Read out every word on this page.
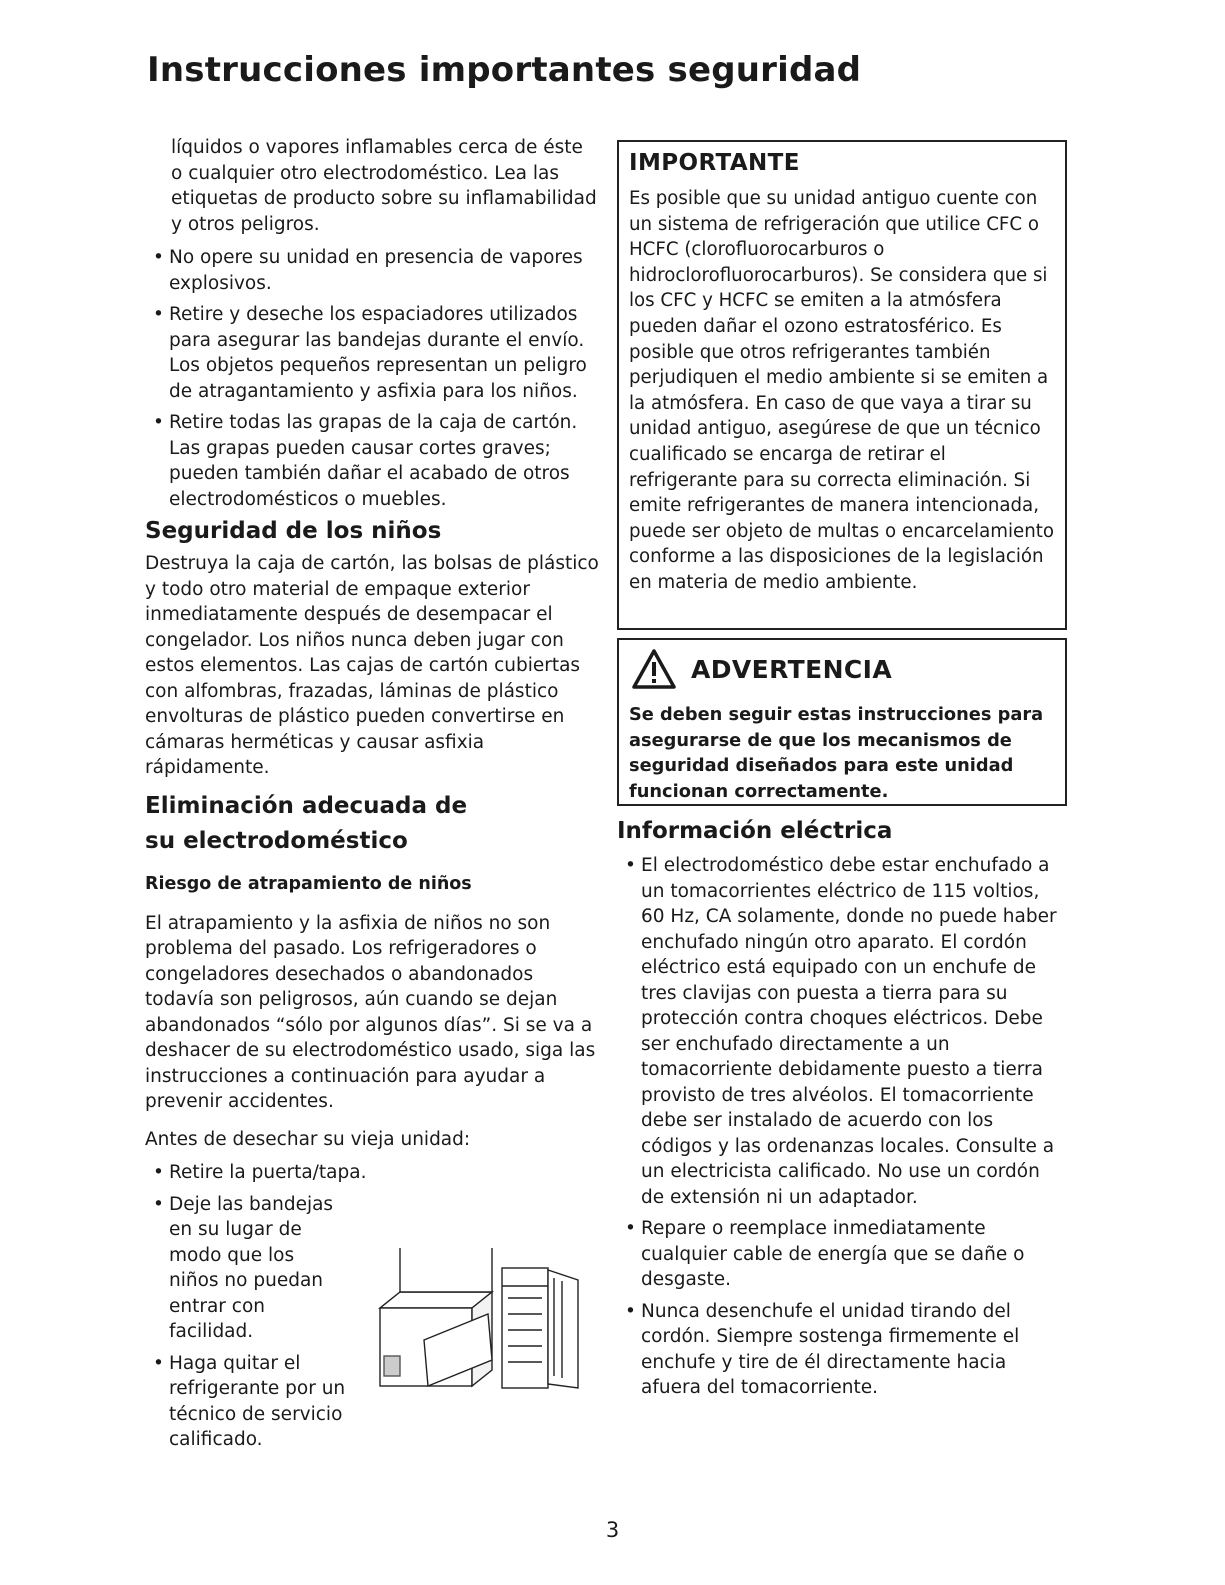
Instrucciones importantes seguridad

líquidos o vapores inflamables cerca de éste o cualquier otro electrodoméstico. Lea las etiquetas de producto sobre su inflamabilidad y otros peligros.

• No opere su unidad en presencia de vapores explosivos.
• Retire y deseche los espaciadores utilizados para asegurar las bandejas durante el envío. Los objetos pequeños representan un peligro de atragantamiento y asfixia para los niños.
• Retire todas las grapas de la caja de cartón. Las grapas pueden causar cortes graves; pueden también dañar el acabado de otros electrodomésticos o muebles.
Seguridad de los niños

Destruya la caja de cartón, las bolsas de plástico y todo otro material de empaque exterior inmediatamente después de desempacar el congelador. Los niños nunca deben jugar con estos elementos. Las cajas de cartón cubiertas con alfombras, frazadas, láminas de plástico envolturas de plástico pueden convertirse en cámaras herméticas y causar asfixia rápidamente.

Eliminación adecuada de
su electrodoméstico
Riesgo de atrapamiento de niños

El atrapamiento y la asfixia de niños no son problema del pasado. Los refrigeradores o congeladores desechados o abandonados todavía son peligrosos, aún cuando se dejan abandonados “sólo por algunos días”. Si se va a deshacer de su electrodoméstico usado, siga las instrucciones a continuación para ayudar a prevenir accidentes.

Antes de desechar su vieja unidad:

• Retire la puerta/tapa.
• Deje las bandejas en su lugar de modo que los niños no puedan entrar con facilidad.
• Haga quitar el refrigerante por un técnico de servicio calificado.
IMPORTANTE

Es posible que su unidad antiguo cuente con un sistema de refrigeración que utilice CFC o HCFC (clorofluorocarburos o hidroclorofluorocarburos). Se considera que si los CFC y HCFC se emiten a la atmósfera pueden dañar el ozono estratosférico. Es posible que otros refrigerantes también perjudiquen el medio ambiente si se emiten a la atmósfera. En caso de que vaya a tirar su unidad antiguo, asegúrese de que un técnico cualificado se encarga de retirar el refrigerante para su correcta eliminación. Si emite refrigerantes de manera intencionada, puede ser objeto de multas o encarcelamiento conforme a las disposiciones de la legislación en materia de medio ambiente.

ADVERTENCIA
Se deben seguir estas instrucciones para asegurarse de que los mecanismos de seguridad diseñados para este unidad funcionan correctamente.
Información eléctrica
• El electrodoméstico debe estar enchufado a un tomacorrientes eléctrico de 115 voltios, 60 Hz, CA solamente, donde no puede haber enchufado ningún otro aparato. El cordón eléctrico está equipado con un enchufe de tres clavijas con puesta a tierra para su protección contra choques eléctricos. Debe ser enchufado directamente a un tomacorriente debidamente puesto a tierra provisto de tres alvéolos. El tomacorriente debe ser instalado de acuerdo con los códigos y las ordenanzas locales. Consulte a un electricista calificado. No use un cordón de extensión ni un adaptador.
• Repare o reemplace inmediatamente cualquier cable de energía que se dañe o desgaste.
• Nunca desenchufe el unidad tirando del cordón. Siempre sostenga firmemente el enchufe y tire de él directamente hacia afuera del tomacorriente.
3
